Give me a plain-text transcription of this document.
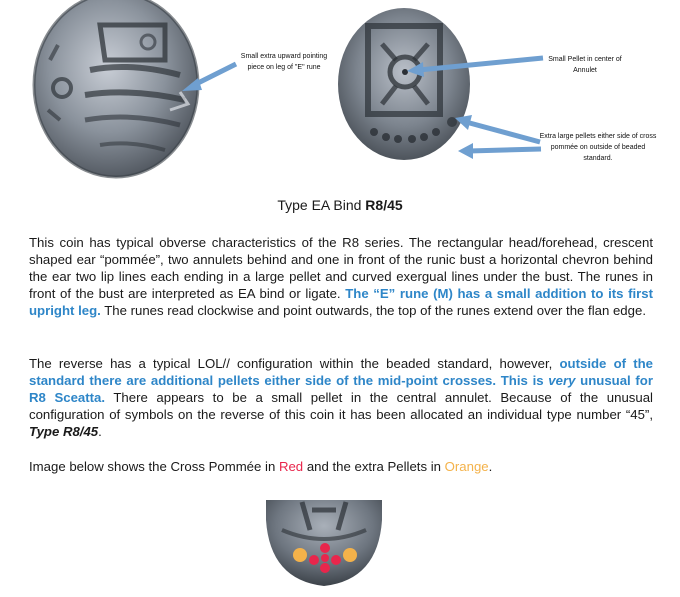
Small extra upward pointing piece on leg of "E" rune
Small Pellet in center of Annulet
Extra large pellets either side of cross pommée on outside of beaded standard.
Type EA Bind R8/45

This coin has typical obverse characteristics of the R8 series. The rectangular head/forehead, crescent shaped ear “pommée”, two annulets behind and one in front of the runic bust a horizontal chevron behind the ear two lip lines each ending in a large pellet and curved exergual lines under the bust. The runes in front of the bust are interpreted as EA bind or ligate. The “E” rune (M) has a small addition to its first upright leg. The runes read clockwise and point outwards, the top of the runes extend over the flan edge.

The reverse has a typical LOL// configuration within the beaded standard, however, outside of the standard there are additional pellets either side of the mid-point crosses. This is very unusual for R8 Sceatta. There appears to be a small pellet in the central annulet. Because of the unusual configuration of symbols on the reverse of this coin it has been allocated an individual type number “45”, Type R8/45.

Image below shows the Cross Pommée in Red and the extra Pellets in Orange.
